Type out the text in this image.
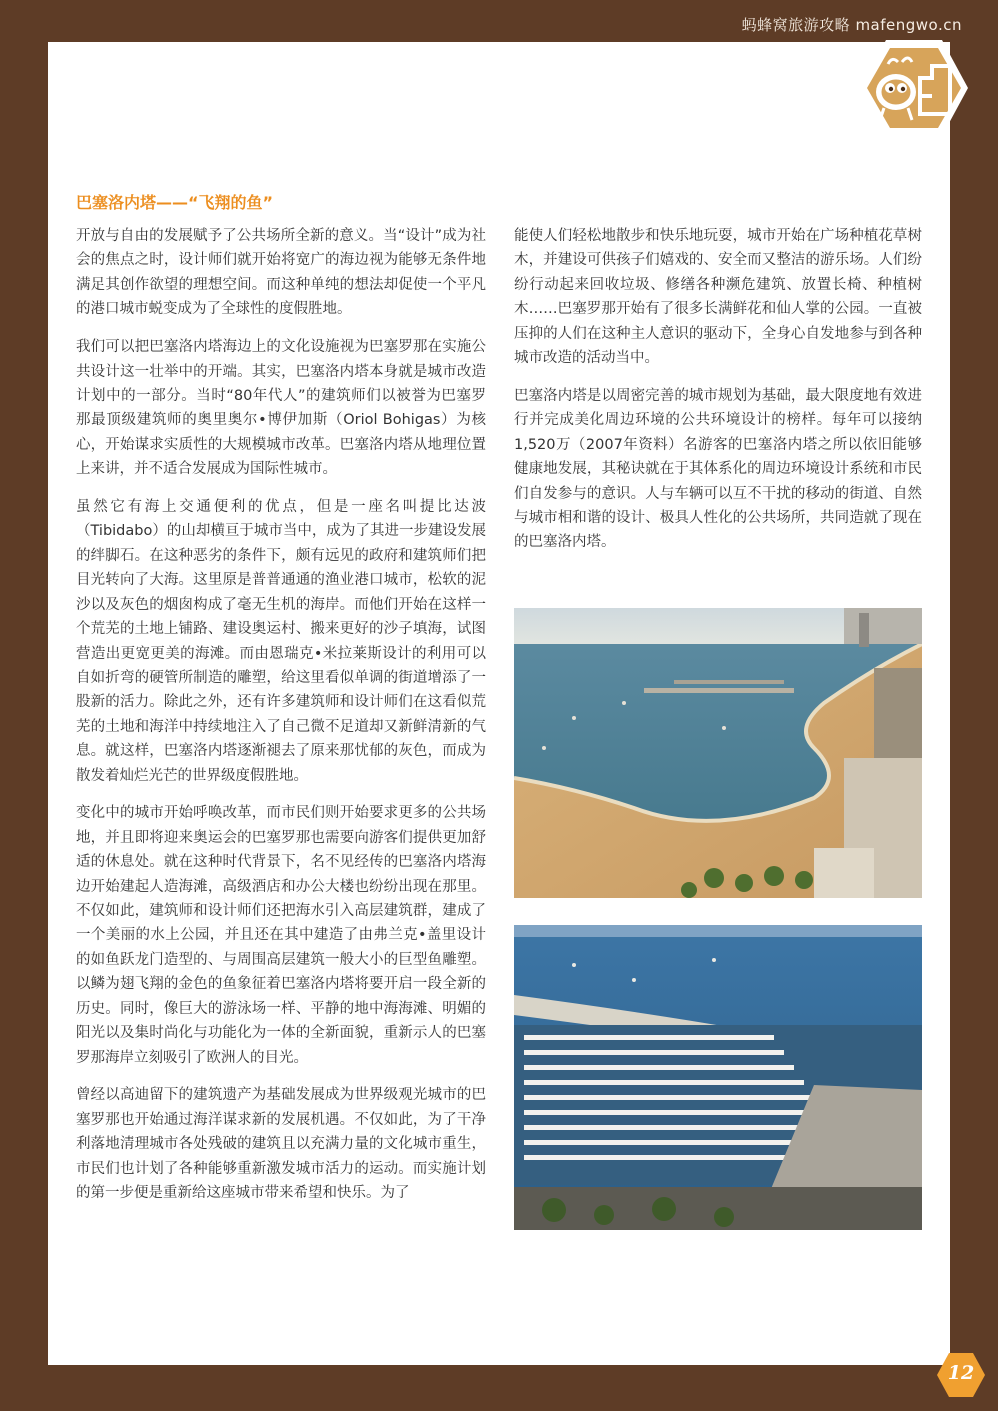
蚂蜂窝旅游攻略 mafengwo.cn
巴塞洛内塔——“飞翔的鱼”

开放与自由的发展赋予了公共场所全新的意义。当“设计”成为社会的焦点之时，设计师们就开始将宽广的海边视为能够无条件地满足其创作欲望的理想空间。而这种单纯的想法却促使一个平凡的港口城市蜕变成为了全球性的度假胜地。

我们可以把巴塞洛内塔海边上的文化设施视为巴塞罗那在实施公共设计这一壮举中的开端。其实，巴塞洛内塔本身就是城市改造计划中的一部分。当时“80年代人”的建筑师们以被誉为巴塞罗那最顶级建筑师的奥里奥尔•博伊加斯（Oriol Bohigas）为核心，开始谋求实质性的大规模城市改革。巴塞洛内塔从地理位置上来讲，并不适合发展成为国际性城市。

虽然它有海上交通便利的优点，但是一座名叫提比达波（Tibidabo）的山却横亘于城市当中，成为了其进一步建设发展的绊脚石。在这种恶劣的条件下，颇有远见的政府和建筑师们把目光转向了大海。这里原是普普通通的渔业港口城市，松软的泥沙以及灰色的烟囱构成了毫无生机的海岸。而他们开始在这样一个荒芜的土地上铺路、建设奥运村、搬来更好的沙子填海，试图营造出更宽更美的海滩。而由恩瑞克•米拉莱斯设计的利用可以自如折弯的硬管所制造的雕塑，给这里看似单调的街道增添了一股新的活力。除此之外，还有许多建筑师和设计师们在这看似荒芜的土地和海洋中持续地注入了自己微不足道却又新鲜清新的气息。就这样，巴塞洛内塔逐渐褪去了原来那忧郁的灰色，而成为散发着灿烂光芒的世界级度假胜地。

变化中的城市开始呼唤改革，而市民们则开始要求更多的公共场地，并且即将迎来奥运会的巴塞罗那也需要向游客们提供更加舒适的休息处。就在这种时代背景下，名不见经传的巴塞洛内塔海边开始建起人造海滩，高级酒店和办公大楼也纷纷出现在那里。不仅如此，建筑师和设计师们还把海水引入高层建筑群，建成了一个美丽的水上公园，并且还在其中建造了由弗兰克•盖里设计的如鱼跃龙门造型的、与周围高层建筑一般大小的巨型鱼雕塑。以鳞为翅飞翔的金色的鱼象征着巴塞洛内塔将要开启一段全新的历史。同时，像巨大的游泳场一样、平静的地中海海滩、明媚的阳光以及集时尚化与功能化为一体的全新面貌，重新示人的巴塞罗那海岸立刻吸引了欧洲人的目光。

曾经以高迪留下的建筑遗产为基础发展成为世界级观光城市的巴塞罗那也开始通过海洋谋求新的发展机遇。不仅如此，为了干净利落地清理城市各处残破的建筑且以充满力量的文化城市重生，市民们也计划了各种能够重新激发城市活力的运动。而实施计划的第一步便是重新给这座城市带来希望和快乐。为了

能使人们轻松地散步和快乐地玩耍，城市开始在广场种植花草树木，并建设可供孩子们嬉戏的、安全而又整洁的游乐场。人们纷纷行动起来回收垃圾、修缮各种濒危建筑、放置长椅、种植树木……巴塞罗那开始有了很多长满鲜花和仙人掌的公园。一直被压抑的人们在这种主人意识的驱动下，全身心自发地参与到各种城市改造的活动当中。

巴塞洛内塔是以周密完善的城市规划为基础，最大限度地有效进行并完成美化周边环境的公共环境设计的榜样。每年可以接纳1,520万（2007年资料）名游客的巴塞洛内塔之所以依旧能够健康地发展，其秘诀就在于其体系化的周边环境设计系统和市民们自发参与的意识。人与车辆可以互不干扰的移动的街道、自然与城市相和谐的设计、极具人性化的公共场所，共同造就了现在的巴塞洛内塔。

12
